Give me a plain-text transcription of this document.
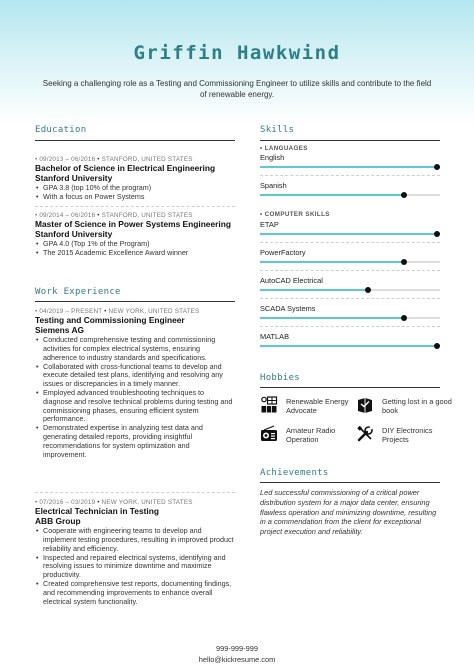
Griffin Hawkwind
Seeking a challenging role as a Testing and Commissioning Engineer to utilize skills and contribute to the field of renewable energy.
Education
• 09/2013 – 06/2016 • STANFORD, UNITED STATES
Bachelor of Science in Electrical Engineering
Stanford University
• GPA 3.8 (top 10% of the program)
• With a focus on Power Systems
• 09/2014 – 06/2016 • STANFORD, UNITED STATES
Master of Science in Power Systems Engineering
Stanford University
• GPA 4.0 (Top 1% of the Program)
• The 2015 Academic Excellence Award winner
Work Experience
• 04/2019 – PRESENT • NEW YORK, UNITED STATES
Testing and Commissioning Engineer
Siemens AG
• Conducted comprehensive testing and commissioning activities for complex electrical systems, ensuring adherence to industry standards and specifications.
• Collaborated with cross-functional teams to develop and execute detailed test plans, identifying and resolving any issues or discrepancies in a timely manner.
• Employed advanced troubleshooting techniques to diagnose and resolve technical problems during testing and commissioning phases, ensuring efficient system performance.
• Demonstrated expertise in analyzing test data and generating detailed reports, providing insightful recommendations for system optimization and improvement.
• 07/2016 – 03/2019 • NEW YORK, UNITED STATES
Electrical Technician in Testing
ABB Group
• Cooperate with engineering teams to develop and implement testing procedures, resulting in improved product reliability and efficiency.
• Inspected and repaired electrical systems, identifying and resolving issues to minimize downtime and maximize productivity.
• Created comprehensive test reports, documenting findings, and recommending improvements to enhance overall electrical system functionality.
Skills
• LANGUAGES
English
Spanish
• COMPUTER SKILLS
ETAP
PowerFactory
AutoCAD Electrical
SCADA Systems
MATLAB
Hobbies
Renewable Energy Advocate
Getting lost in a good book
Amateur Radio Operation
DIY Electronics Projects
Achievements
Led successful commissioning of a critical power distribution system for a major data center, ensuring flawless operation and minimizing downtime, resulting in a commendation from the client for exceptional project execution and reliability.
999-999-999
hello@kickresume.com
